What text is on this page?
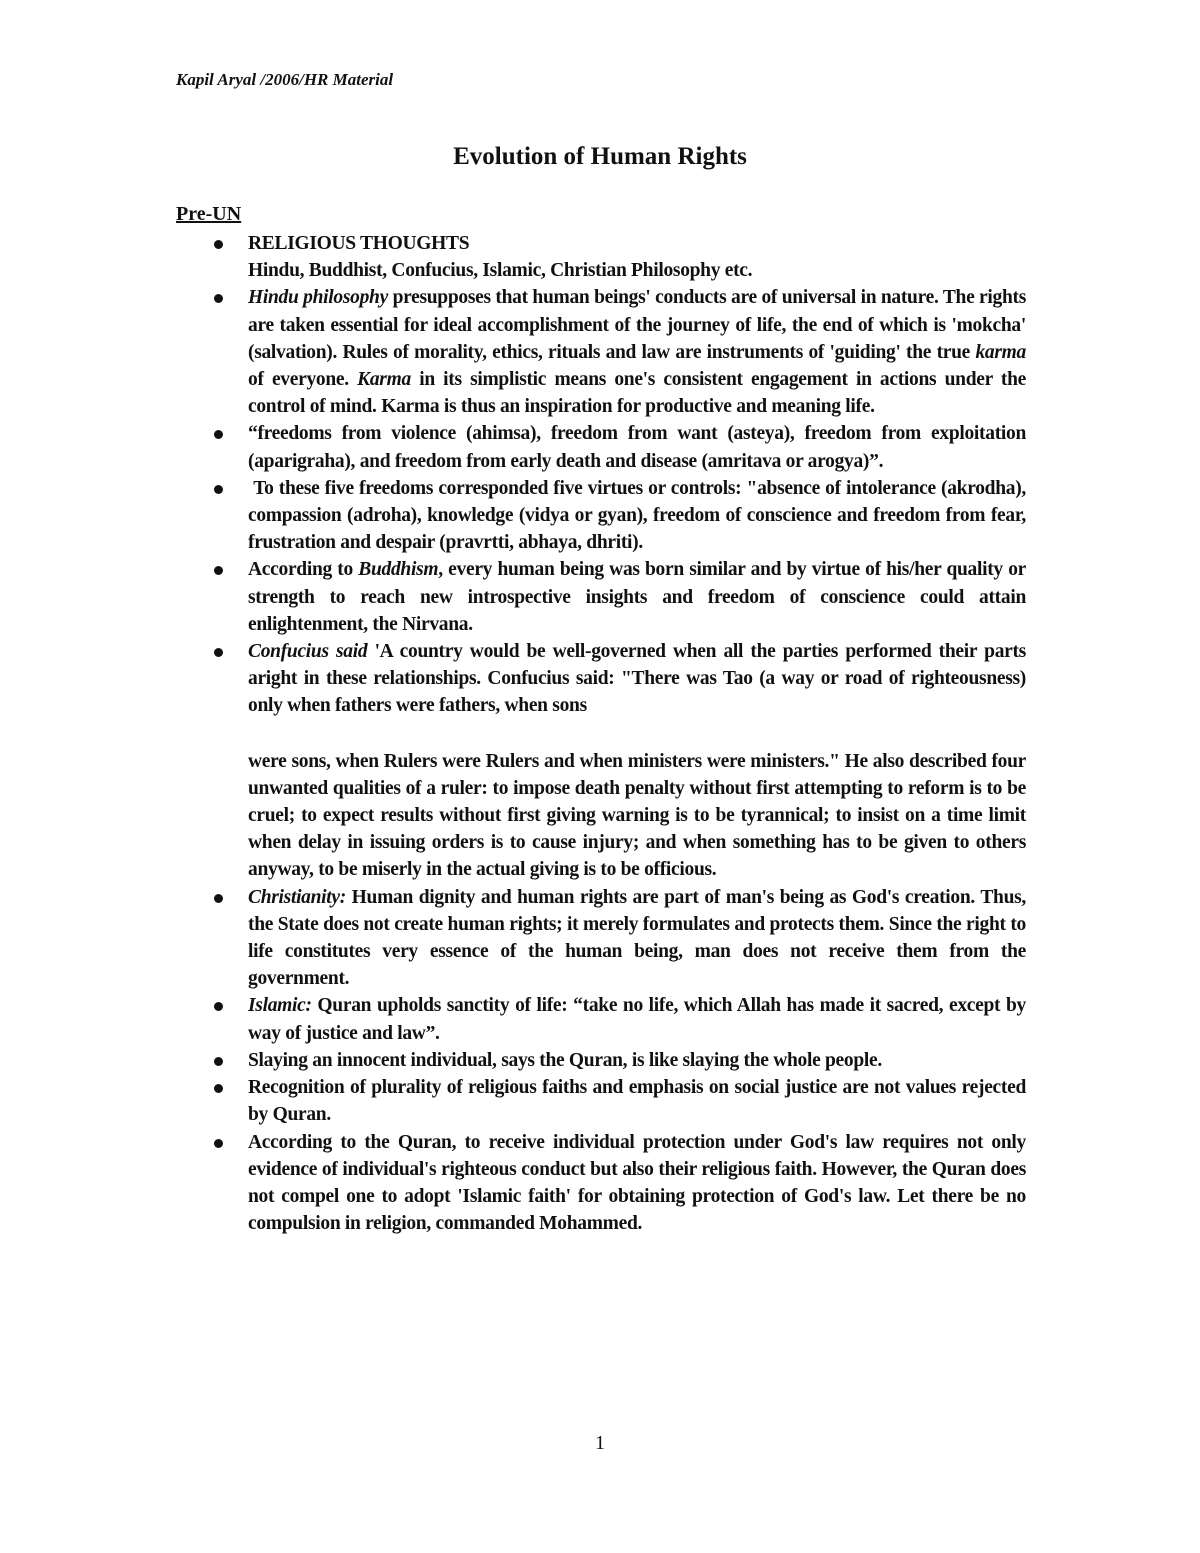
Kapil Aryal /2006/HR Material
Evolution of Human Rights
Pre-UN
RELIGIOUS THOUGHTS
Hindu, Buddhist, Confucius, Islamic, Christian Philosophy etc.
Hindu philosophy presupposes that human beings' conducts are of universal in nature. The rights are taken essential for ideal accomplishment of the journey of life, the end of which is 'mokcha' (salvation). Rules of morality, ethics, rituals and law are instruments of 'guiding' the true karma of everyone. Karma in its simplistic means one's consistent engagement in actions under the control of mind. Karma is thus an inspiration for productive and meaning life.
“freedoms from violence (ahimsa), freedom from want (asteya), freedom from exploitation (aparigraha), and freedom from early death and disease (amritava or arogya)”.
To these five freedoms corresponded five virtues or controls: "absence of intolerance (akrodha), compassion (adroha), knowledge (vidya or gyan), freedom of conscience and freedom from fear, frustration and despair (pravrtti, abhaya, dhriti).
According to Buddhism, every human being was born similar and by virtue of his/her quality or strength to reach new introspective insights and freedom of conscience could attain enlightenment, the Nirvana.
Confucius said 'A country would be well-governed when all the parties performed their parts aright in these relationships. Confucius said: "There was Tao (a way or road of righteousness) only when fathers were fathers, when sons
were sons, when Rulers were Rulers and when ministers were ministers." He also described four unwanted qualities of a ruler: to impose death penalty without first attempting to reform is to be cruel; to expect results without first giving warning is to be tyrannical; to insist on a time limit when delay in issuing orders is to cause injury; and when something has to be given to others anyway, to be miserly in the actual giving is to be officious.
Christianity: Human dignity and human rights are part of man's being as God's creation. Thus, the State does not create human rights; it merely formulates and protects them. Since the right to life constitutes very essence of the human being, man does not receive them from the government.
Islamic: Quran upholds sanctity of life: “take no life, which Allah has made it sacred, except by way of justice and law”.
Slaying an innocent individual, says the Quran, is like slaying the whole people.
Recognition of plurality of religious faiths and emphasis on social justice are not values rejected by Quran.
According to the Quran, to receive individual protection under God's law requires not only evidence of individual's righteous conduct but also their religious faith. However, the Quran does not compel one to adopt 'Islamic faith' for obtaining protection of God's law. Let there be no compulsion in religion, commanded Mohammed.
1
